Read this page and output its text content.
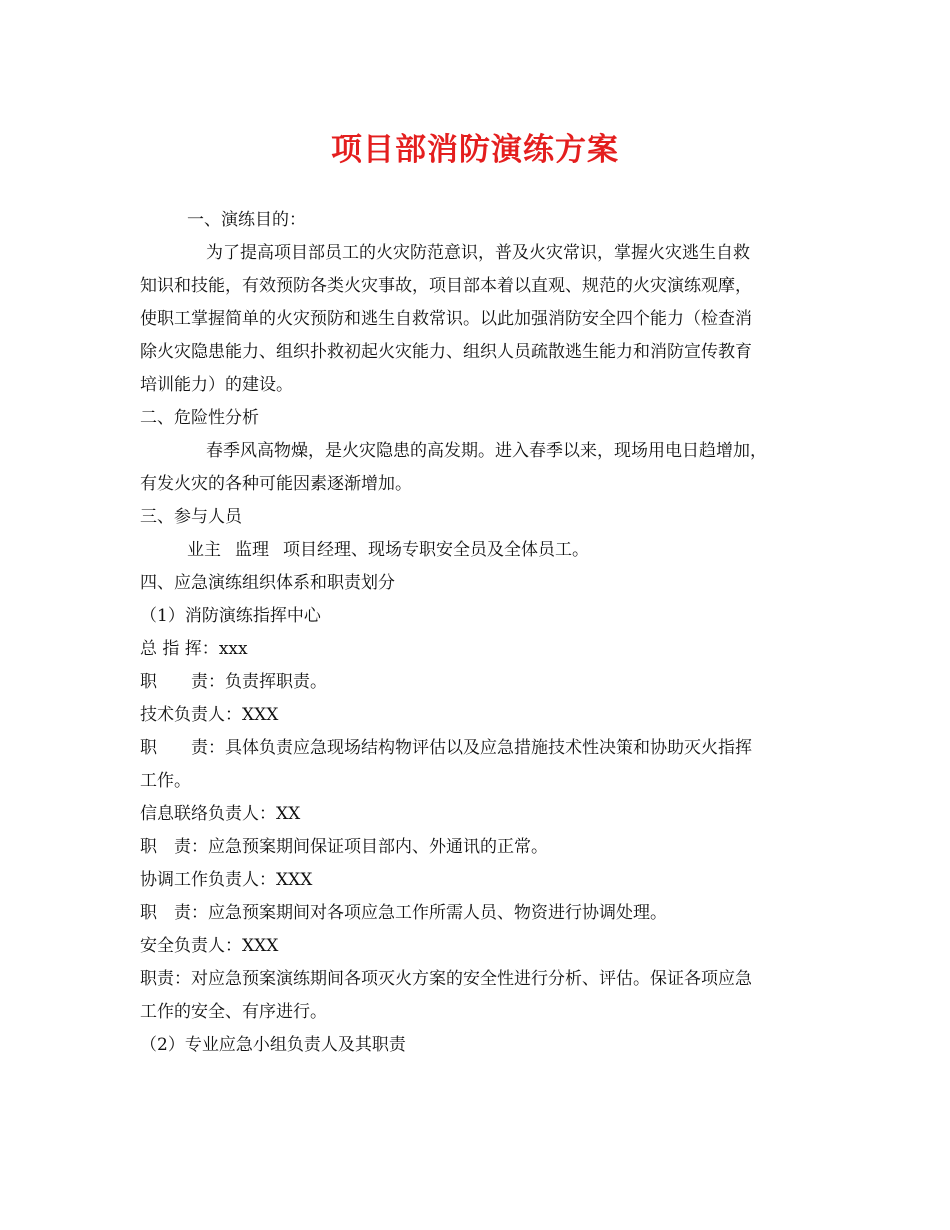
项目部消防演练方案
一、演练目的：
为了提高项目部员工的火灾防范意识，普及火灾常识，掌握火灾逃生自救
知识和技能，有效预防各类火灾事故，项目部本着以直观、规范的火灾演练观摩，
使职工掌握简单的火灾预防和逃生自救常识。以此加强消防安全四个能力（检查消
除火灾隐患能力、组织扑救初起火灾能力、组织人员疏散逃生能力和消防宣传教育
培训能力）的建设。
二、危险性分析
春季风高物燥，是火灾隐患的高发期。进入春季以来，现场用电日趋增加，
有发火灾的各种可能因素逐渐增加。
三、参与人员
业主 监理 项目经理、现场专职安全员及全体员工。
四、应急演练组织体系和职责划分
（1）消防演练指挥中心
总 指 挥：xxx
职　　责：负责挥职责。
技术负责人：XXX
职　　责：具体负责应急现场结构物评估以及应急措施技术性决策和协助灭火指挥
工作。
信息联络负责人：XX
职　责：应急预案期间保证项目部内、外通讯的正常。
协调工作负责人：XXX
职　责：应急预案期间对各项应急工作所需人员、物资进行协调处理。
安全负责人：XXX
职责：对应急预案演练期间各项灭火方案的安全性进行分析、评估。保证各项应急
工作的安全、有序进行。
（2）专业应急小组负责人及其职责
